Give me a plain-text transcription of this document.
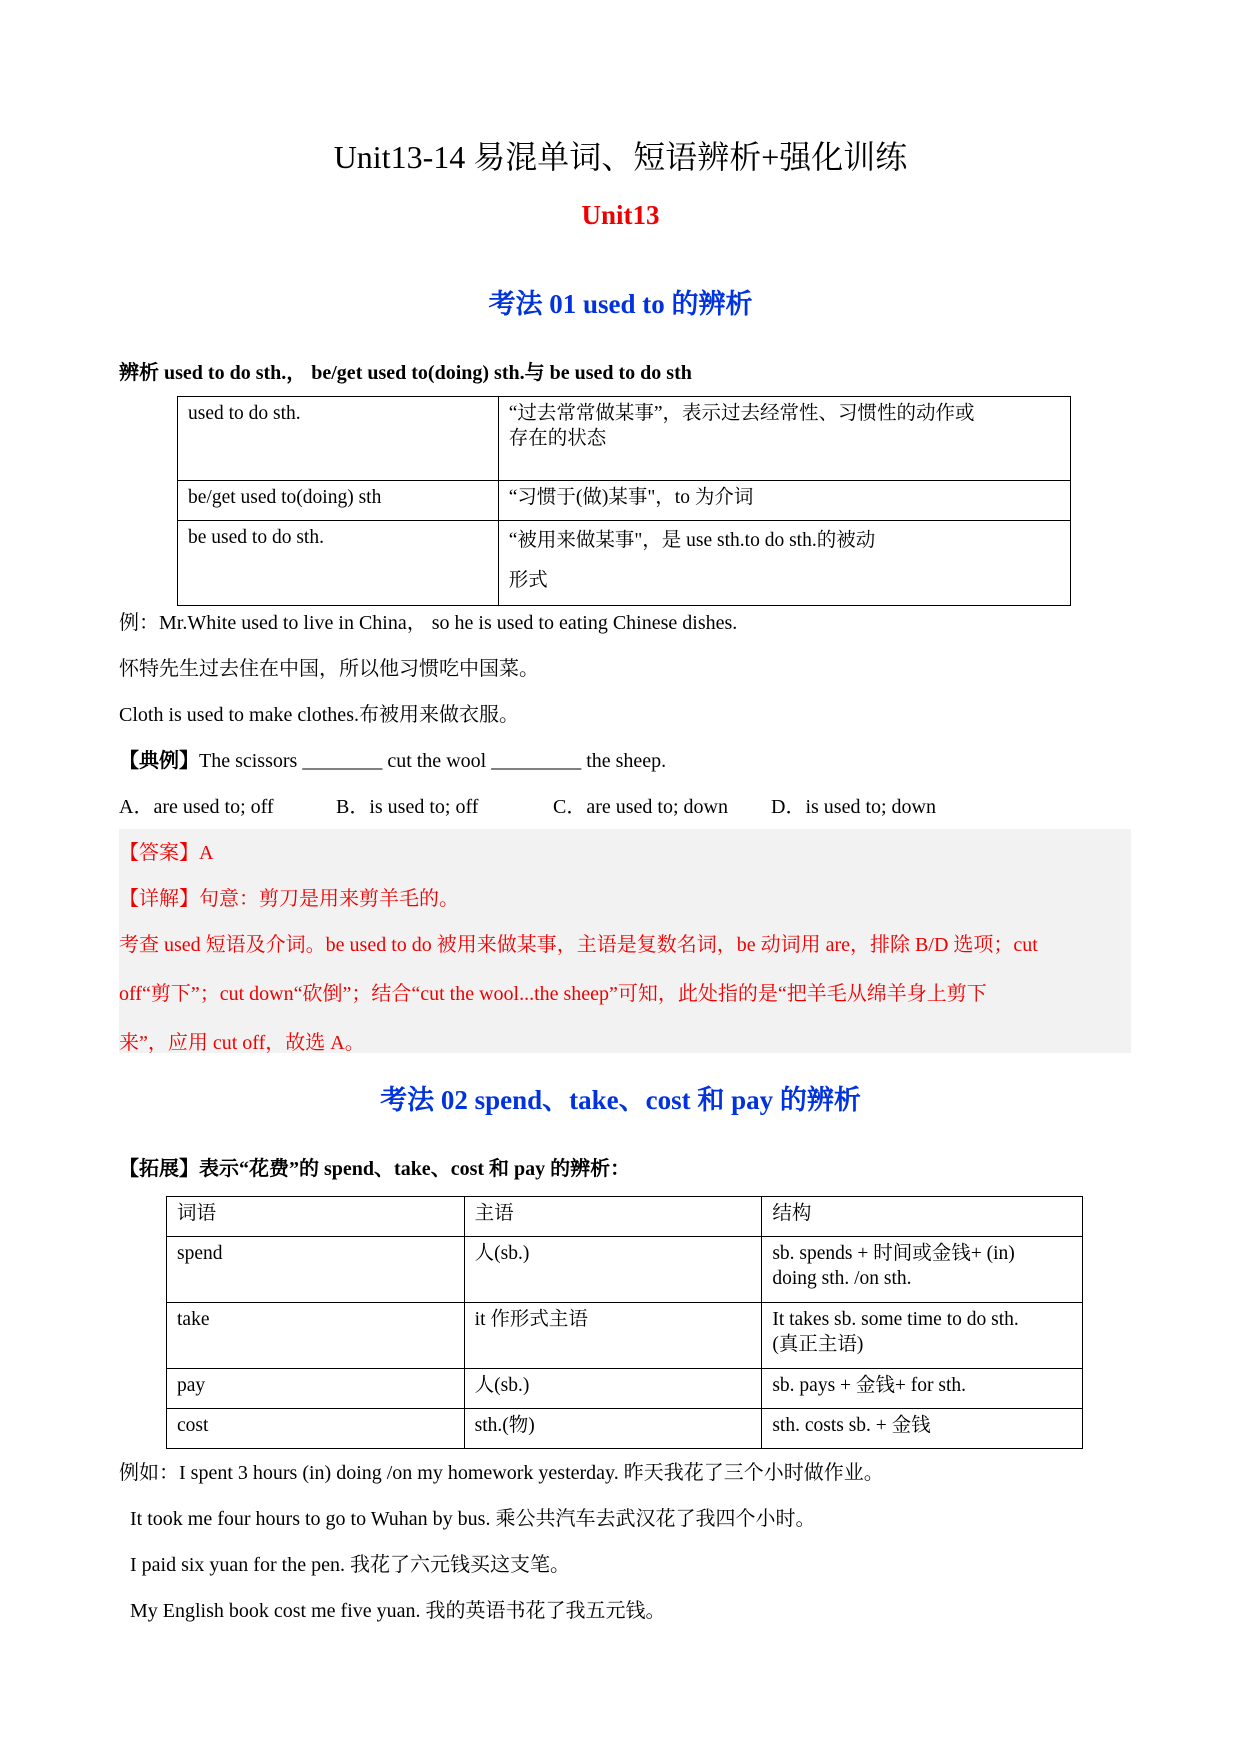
Unit13-14 易混单词、短语辨析+强化训练
Unit13
考法 01 used to 的辨析
辨析 used to do sth.， be/get used to(doing) sth.与 be used to do sth
used to do sth.	“过去常常做某事”，表示过去经常性、习惯性的动作或
存在的状态
be/get used to(doing) sth	“习惯于(做)某事"，to 为介词
be used to do sth.	“被用来做某事"，是 use sth.to do sth.的被动
形式
例：Mr.White used to live in China， so he is used to eating Chinese dishes.
怀特先生过去住在中国，所以他习惯吃中国菜。
Cloth is used to make clothes.布被用来做衣服。
【典例】The scissors ________ cut the wool _________ the sheep.
A．are used to; off	B．is used to; off	C．are used to; down D．is used to; down
【答案】A
【详解】句意：剪刀是用来剪羊毛的。
考查 used 短语及介词。be used to do 被用来做某事，主语是复数名词，be 动词用 are，排除 B/D 选项；cut
off“剪下”；cut down“砍倒”；结合“cut the wool...the sheep”可知，此处指的是“把羊毛从绵羊身上剪下
来”，应用 cut off，故选 A。
考法 02 spend、take、cost 和 pay 的辨析
【拓展】表示“花费”的 spend、take、cost 和 pay 的辨析：
词语	主语	结构
spend	人(sb.)	sb. spends + 时间或金钱+ (in)
doing sth. /on sth.
take	it 作形式主语	It takes sb. some time to do sth.
(真正主语)
pay	人(sb.)	sb. pays + 金钱+ for sth.
cost	sth.(物)	sth. costs sb. + 金钱
例如：I spent 3 hours (in) doing /on my homework yesterday. 昨天我花了三个小时做作业。
It took me four hours to go to Wuhan by bus. 乘公共汽车去武汉花了我四个小时。
I paid six yuan for the pen. 我花了六元钱买这支笔。
My English book cost me five yuan. 我的英语书花了我五元钱。
